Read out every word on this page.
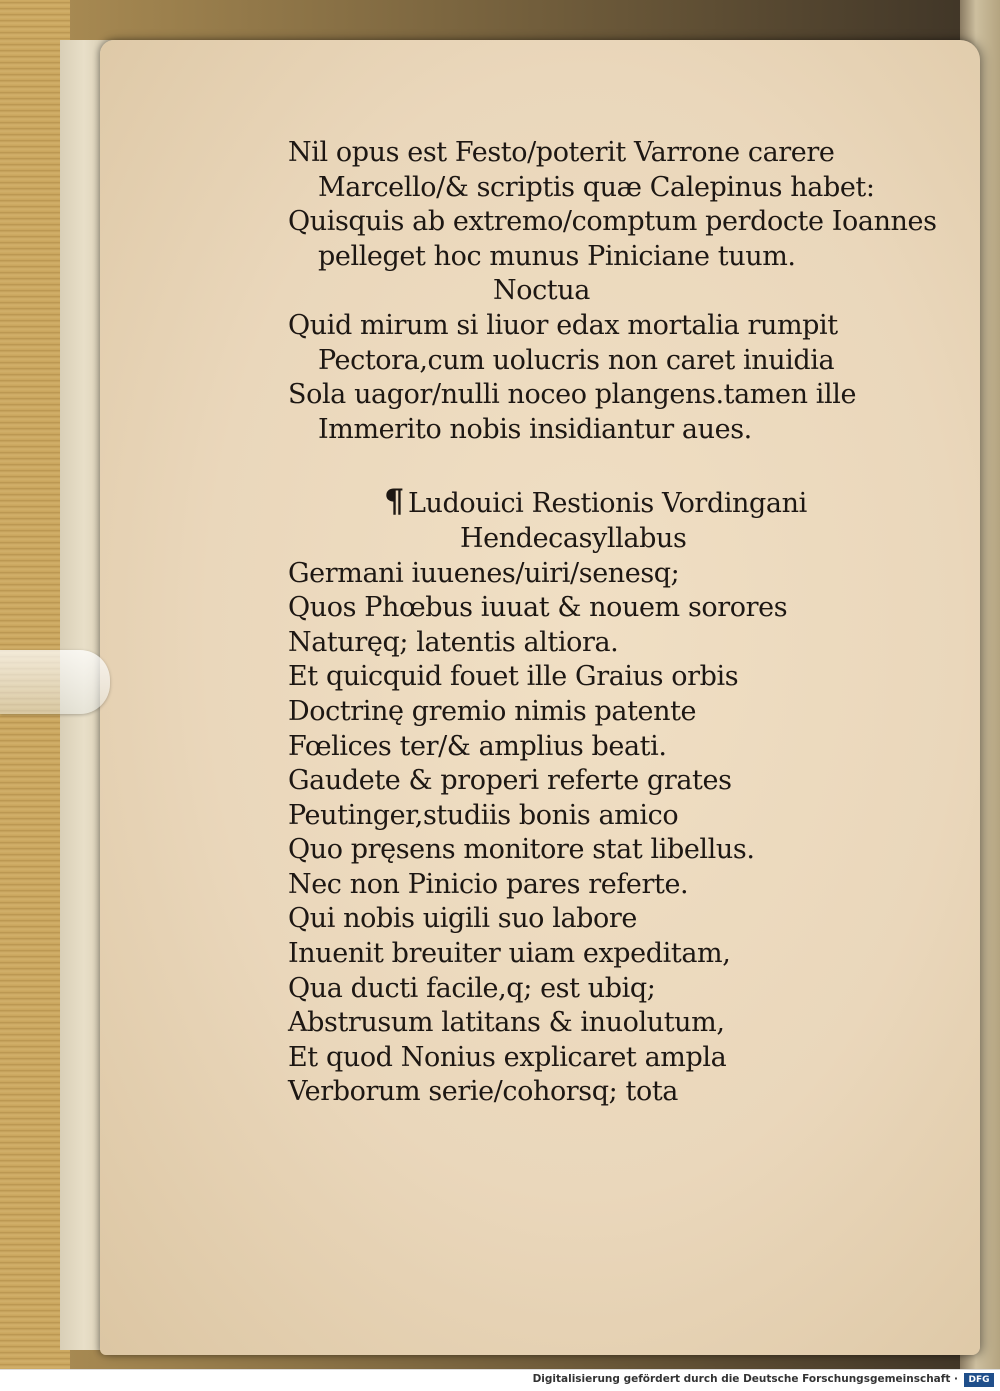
Nil opus est Festo/poterit Varrone carere
Marcello/& scriptis quæ Calepinus habet:
Quisquis ab extremo/comptum perdocte Ioannes
pelleget hoc munus Piniciane tuum.
Noctua
Quid mirum si liuor edax mortalia rumpit
Pectora,cum uolucris non caret inuidia
Sola uagor/nulli noceo plangens.tamen ille
Immerito nobis insidiantur aues.
¶ Ludouici Restionis Vordingani
Hendecasyllabus
Germani iuuenes/uiri/senesq;
Quos Phœbus iuuat & nouem sorores
Naturęq; latentis altiora.
Et quicquid fouet ille Graius orbis
Doctrinę gremio nimis patente
Fœlices ter/& amplius beati.
Gaudete & properi referte grates
Peutinger,studiis bonis amico
Quo pręsens monitore stat libellus.
Nec non Pinicio pares referte.
Qui nobis uigili suo labore
Inuenit breuiter uiam expeditam,
Qua ducti facile,q; est ubiq;
Abstrusum latitans & inuolutum,
Et quod Nonius explicaret ampla
Verborum serie/cohorsq; tota
Digitalisierung gefördert durch die Deutsche Forschungsgemeinschaft ·	DFG
